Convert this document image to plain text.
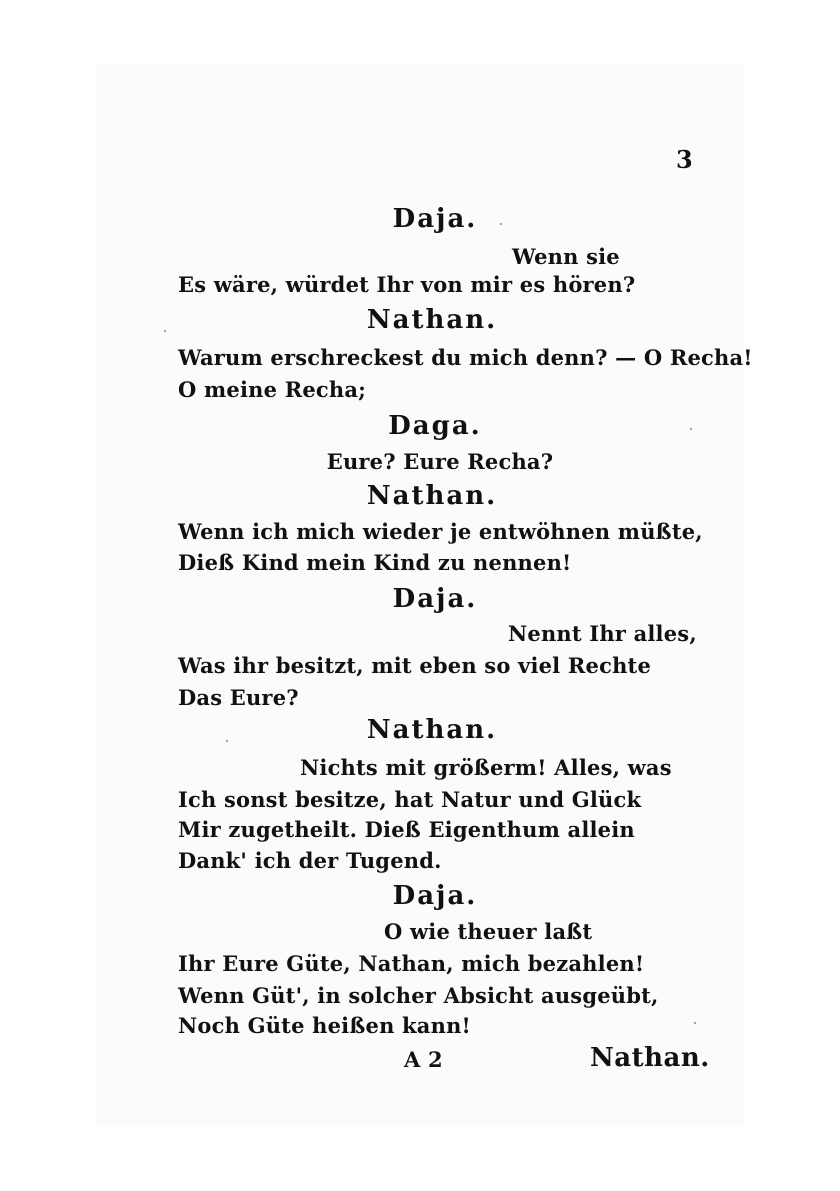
3
Daja.
Wenn sie
Es wäre, würdet Ihr von mir es hören?
Nathan.
Warum erschreckest du mich denn? — O Recha!
O meine Recha;
Daga.
Eure? Eure Recha?
Nathan.
Wenn ich mich wieder je entwöhnen müßte,
Dieß Kind mein Kind zu nennen!
Daja.
Nennt Ihr alles,
Was ihr besitzt, mit eben so viel Rechte
Das Eure?
Nathan.
Nichts mit größerm! Alles, was
Ich sonst besitze, hat Natur und Glück
Mir zugetheilt. Dieß Eigenthum allein
Dank' ich der Tugend.
Daja.
O wie theuer laßt
Ihr Eure Güte, Nathan, mich bezahlen!
Wenn Güt', in solcher Absicht ausgeübt,
Noch Güte heißen kann!
A 2	Nathan.
